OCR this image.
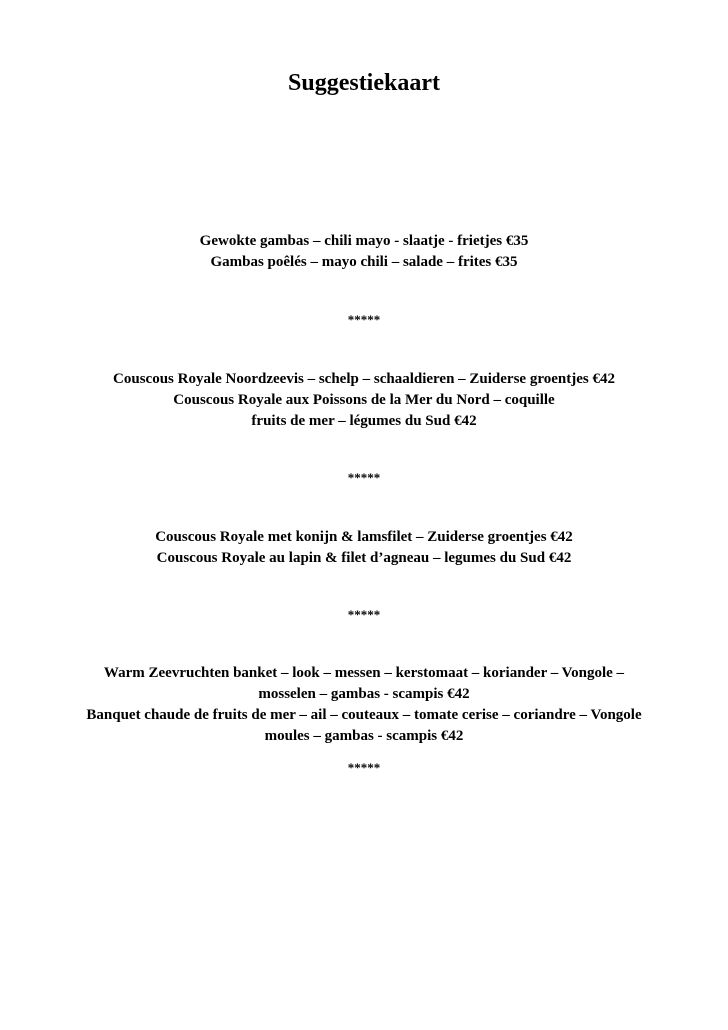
Suggestiekaart
Gewokte gambas – chili mayo - slaatje - frietjes €35
Gambas poêlés – mayo chili – salade – frites €35
*****
Couscous Royale Noordzeevis – schelp – schaaldieren – Zuiderse groentjes €42
Couscous Royale aux Poissons de la Mer du Nord – coquille
fruits de mer – légumes du Sud €42
*****
Couscous Royale met konijn & lamsfilet – Zuiderse groentjes €42
Couscous Royale au lapin & filet d’agneau – legumes du Sud €42
*****
Warm Zeevruchten banket – look – messen – kerstomaat – koriander – Vongole –
mosselen – gambas - scampis €42
Banquet chaude de fruits de mer – ail – couteaux – tomate cerise – coriandre – Vongole
moules – gambas - scampis €42
*****
